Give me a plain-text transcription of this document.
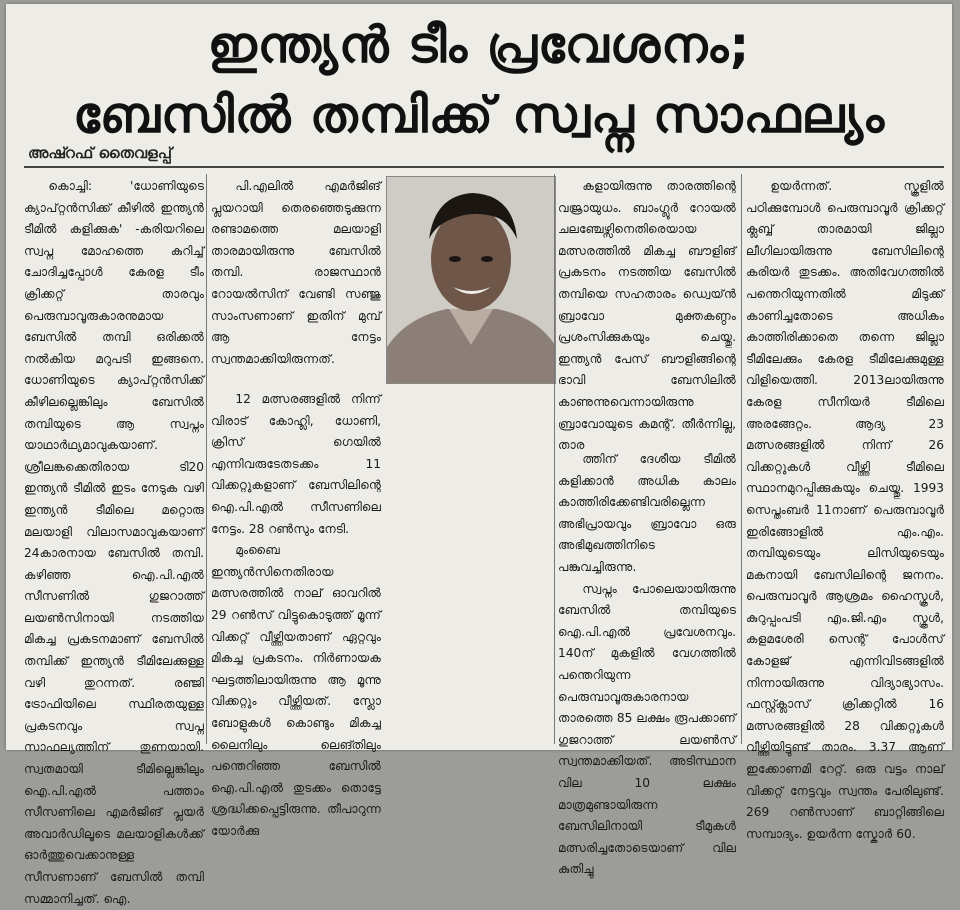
ഇന്ത്യൻ ടീം പ്രവേശനം;
ബേസിൽ തമ്പിക്ക് സ്വപ്ന സാഫല്യം
അഷ്റഫ് തൈവളപ്പ്

കൊച്ചി: 'ധോണിയുടെ ക്യാപ്റ്റൻസിക്ക് കീഴിൽ ഇന്ത്യൻ ടീമിൽ കളിക്കുക' -കരിയറിലെ സ്വപ്ന മോഹത്തെ കുറിച്ച് ചോദിച്ചപ്പോൾ കേരള ടീം ക്രിക്കറ്റ് താരവും പെരുമ്പാവൂരുകാരനുമായ ബേസിൽ തമ്പി ഒരിക്കൽ നൽകിയ മറുപടി ഇങ്ങനെ. ധോണിയുടെ ക്യാപ്റ്റൻസിക്ക് കീഴിലല്ലെങ്കിലും ബേസിൽ തമ്പിയുടെ ആ സ്വപ്നം യാഥാർഥ്യമാവുകയാണ്. ശ്രീലങ്കക്കെതിരായ ടി20 ഇന്ത്യൻ ടീമിൽ ഇടം നേടുക വഴി ഇന്ത്യൻ ടീമിലെ മറ്റൊരു മലയാളി വിലാസമാവുകയാണ് 24കാരനായ ബേസിൽ തമ്പി. കഴിഞ്ഞ ഐ.പി.എൽ സീസണിൽ ഗുജറാത്ത് ലയൺസിനായി നടത്തിയ മികച്ച പ്രകടനമാണ് ബേസിൽ തമ്പിക്ക് ഇന്ത്യൻ ടീമിലേക്കുള്ള വഴി തുറന്നത്. രഞ്ജി ട്രോഫിയിലെ സ്ഥിരതയുള്ള പ്രകടനവും സ്വപ്ന സാഫല്യത്തിന് തുണയായി. സ്വതമായി ടീമില്ലെങ്കിലും ഐ.പി.എൽ പത്താം സീസണിലെ എമർജിങ് പ്ലയർ അവാർഡിലൂടെ മലയാളികൾക്ക് ഓർത്തുവെക്കാനുള്ള സീസണാണ് ബേസിൽ തമ്പി സമ്മാനിച്ചത്. ഐ.

പി.എലിൽ എമർജിങ് പ്ലയറായി തെരഞ്ഞെടുക്കുന്ന രണ്ടാമത്തെ മലയാളി താരമായിരുന്നു ബേസിൽ തമ്പി. രാജസ്ഥാൻ റോയൽസിന് വേണ്ടി സഞ്ജു സാംസണാണ് ഇതിന് മുമ്പ് ആ നേട്ടം സ്വന്തമാക്കിയിരുന്നത്.

12 മത്സരങ്ങളിൽ നിന്ന് വിരാട് കോഹ്ലി, ധോണി, ക്രിസ് ഗെയിൽ എന്നിവരുടേതടക്കം 11 വിക്കറ്റുകളാണ് ബേസിലിന്റെ ഐ.പി.എൽ സീസണിലെ നേട്ടം. 28 റൺസും നേടി.

മുംബൈ ഇന്ത്യൻസിനെതിരായ മത്സരത്തിൽ നാല് ഓവറിൽ 29 റൺസ് വിട്ടുകൊടുത്ത് മൂന്ന് വിക്കറ്റ് വീഴ്ത്തിയതാണ് ഏറ്റവും മികച്ച പ്രകടനം. നിർണായക ഘട്ടത്തിലായിരുന്നു ആ മൂന്നു വിക്കറ്റും വീഴ്ത്തിയത്. സ്ലോ ബോളുകൾ കൊണ്ടും മികച്ച ലൈനിലും ലെങ്തിലും പന്തെറിഞ്ഞ ബേസിൽ ഐ.പി.എൽ തുടക്കം തൊട്ടേ ശ്രദ്ധിക്കപ്പെട്ടിരുന്നു. തീപാറുന്ന യോർക്കു

കളായിരുന്നു താരത്തിന്റെ വജ്രായുധം. ബാംഗ്ലൂർ റോയൽ ചലഞ്ചേഴ്സിനെതിരെയായ മത്സരത്തിൽ മികച്ച ബൗളിങ് പ്രകടനം നടത്തിയ ബേസിൽ തമ്പിയെ സഹതാരം ഡ്വെയ്ൻ ബ്രാവോ മുക്തകണ്ഠം പ്രശംസിക്കുകയും ചെയ്തു. ഇന്ത്യൻ പേസ് ബൗളിങ്ങിന്റെ ഭാവി ബേസിലിൽ കാണുന്നുവെന്നായിരുന്നു ബ്രാവോയുടെ കമന്റ്. തീർന്നില്ല, താര

ത്തിന് ദേശീയ ടീമിൽ കളിക്കാൻ അധിക കാലം കാത്തിരിക്കേണ്ടിവരില്ലെന്ന അഭിപ്രായവും ബ്രാവോ ഒരു അഭിമുഖത്തിനിടെ പങ്കുവച്ചിരുന്നു.

സ്വപ്നം പോലെയായിരുന്നു ബേസിൽ തമ്പിയുടെ ഐ.പി.എൽ പ്രവേശനവും. 140ന് മുകളിൽ വേഗത്തിൽ പന്തെറിയുന്ന പെരുമ്പാവൂരുകാരനായ താരത്തെ 85 ലക്ഷം രൂപക്കാണ് ഗുജറാത്ത് ലയൺസ് സ്വന്തമാക്കിയത്. അടിസ്ഥാന വില 10 ലക്ഷം മാത്രമുണ്ടായിരുന്ന ബേസിലിനായി ടീമുകൾ മത്സരിച്ചതോടെയാണ് വില കുതിച്ചു

ഉയർന്നത്. സ്കൂളിൽ പഠിക്കുമ്പോൾ പെരുമ്പാവൂർ ക്രിക്കറ്റ് ക്ലബ്ബ് താരമായി ജില്ലാ ലീഗിലായിരുന്നു ബേസിലിന്റെ കരിയർ തുടക്കം. അതിവേഗത്തിൽ പന്തെറിയുന്നതിൽ മിടുക്ക് കാണിച്ചതോടെ അധികം കാത്തിരിക്കാതെ തന്നെ ജില്ലാ ടീമിലേക്കും കേരള ടീമിലേക്കുമുള്ള വിളിയെത്തി. 2013ലായിരുന്നു കേരള സീനിയർ ടീമിലെ അരങ്ങേറ്റം. ആദ്യ 23 മത്സരങ്ങളിൽ നിന്ന് 26 വിക്കറ്റുകൾ വീഴ്ത്തി ടീമിലെ സ്ഥാനമുറപ്പിക്കുകയും ചെയ്തു. 1993 സെപ്തംബർ 11നാണ് പെരുമ്പാവൂർ ഇരിങ്ങോളിൽ എം.എം. തമ്പിയുടെയും ലിസിയുടെയും മകനായി ബേസിലിന്റെ ജനനം. പെരുമ്പാവൂർ ആശ്രമം ഹൈസ്കൂൾ, കുറുപ്പംപടി എം.ജി.എം സ്കൂൾ, കളമശേരി സെന്റ് പോൾസ് കോളജ് എന്നിവിടങ്ങളിൽ നിന്നായിരുന്നു വിദ്യാഭ്യാസം. ഫസ്റ്റ്ക്ലാസ് ക്രിക്കറ്റിൽ 16 മത്സരങ്ങളിൽ 28 വിക്കറ്റുകൾ വീഴ്ത്തിയിട്ടുണ്ട് താരം. 3.37 ആണ് ഇക്കോണമി റേറ്റ്. ഒരു വട്ടം നാല് വിക്കറ്റ് നേട്ടവും സ്വന്തം പേരിലുണ്ട്. 269 റൺസാണ് ബാറ്റിങ്ങിലെ സമ്പാദ്യം. ഉയർന്ന സ്കോർ 60.
